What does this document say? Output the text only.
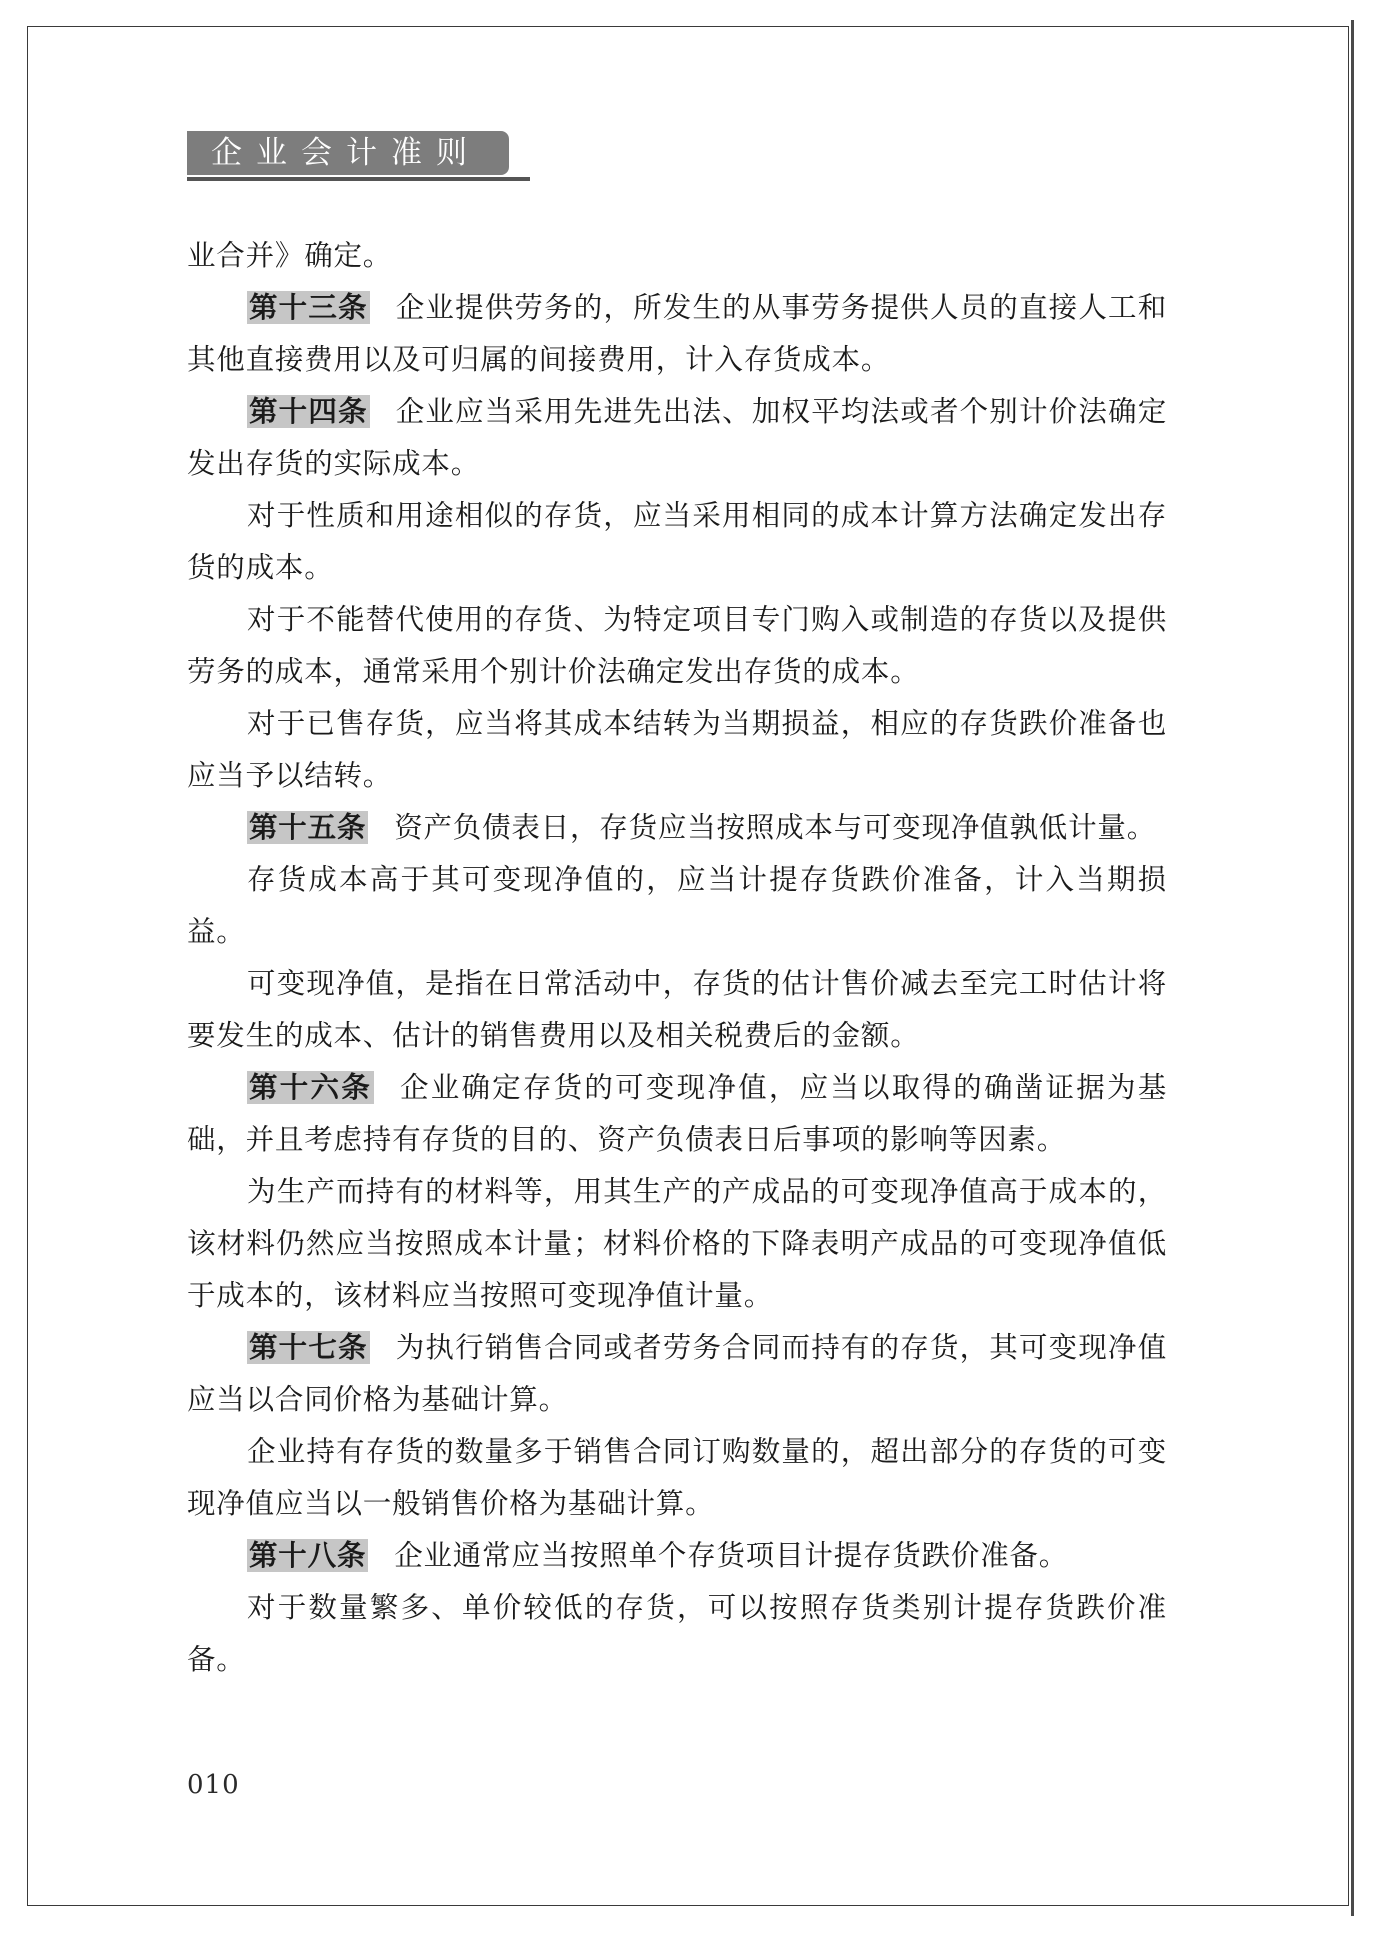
企业会计准则

业合并》确定。

第十三条 企业提供劳务的，所发生的从事劳务提供人员的直接人工和其他直接费用以及可归属的间接费用，计入存货成本。

第十四条 企业应当采用先进先出法、加权平均法或者个别计价法确定发出存货的实际成本。

对于性质和用途相似的存货，应当采用相同的成本计算方法确定发出存货的成本。

对于不能替代使用的存货、为特定项目专门购入或制造的存货以及提供劳务的成本，通常采用个别计价法确定发出存货的成本。

对于已售存货，应当将其成本结转为当期损益，相应的存货跌价准备也应当予以结转。

第十五条 资产负债表日，存货应当按照成本与可变现净值孰低计量。

存货成本高于其可变现净值的，应当计提存货跌价准备，计入当期损益。

可变现净值，是指在日常活动中，存货的估计售价减去至完工时估计将要发生的成本、估计的销售费用以及相关税费后的金额。

第十六条 企业确定存货的可变现净值，应当以取得的确凿证据为基础，并且考虑持有存货的目的、资产负债表日后事项的影响等因素。

为生产而持有的材料等，用其生产的产成品的可变现净值高于成本的，该材料仍然应当按照成本计量；材料价格的下降表明产成品的可变现净值低于成本的，该材料应当按照可变现净值计量。

第十七条 为执行销售合同或者劳务合同而持有的存货，其可变现净值应当以合同价格为基础计算。

企业持有存货的数量多于销售合同订购数量的，超出部分的存货的可变现净值应当以一般销售价格为基础计算。

第十八条 企业通常应当按照单个存货项目计提存货跌价准备。

对于数量繁多、单价较低的存货，可以按照存货类别计提存货跌价准备。

010
